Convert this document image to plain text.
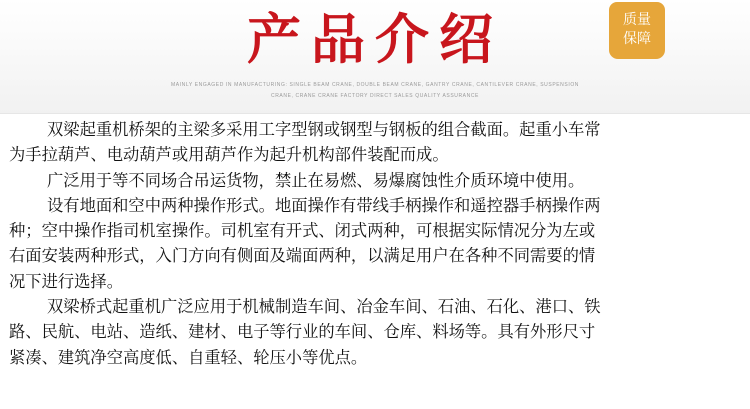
产品介绍
MAINLY ENGAGED IN MANUFACTURING: SINGLE BEAM CRANE, DOUBLE BEAM CRANE, GANTRY CRANE, CANTILEVER CRANE, SUSPENSION
CRANE, CRANE CRANE FACTORY DIRECT SALES QUALITY ASSURANCE
质量
保障
双梁起重机桥架的主梁多采用工字型钢或钢型与钢板的组合截面。起重小车常
为手拉葫芦、电动葫芦或用葫芦作为起升机构部件装配而成。
广泛用于等不同场合吊运货物，禁止在易燃、易爆腐蚀性介质环境中使用。
设有地面和空中两种操作形式。地面操作有带线手柄操作和遥控器手柄操作两
种；空中操作指司机室操作。司机室有开式、闭式两种，可根据实际情况分为左或
右面安装两种形式，入门方向有侧面及端面两种，以满足用户在各种不同需要的情
况下进行选择。
双梁桥式起重机广泛应用于机械制造车间、冶金车间、石油、石化、港口、铁
路、民航、电站、造纸、建材、电子等行业的车间、仓库、料场等。具有外形尺寸
紧凑、建筑净空高度低、自重轻、轮压小等优点。
